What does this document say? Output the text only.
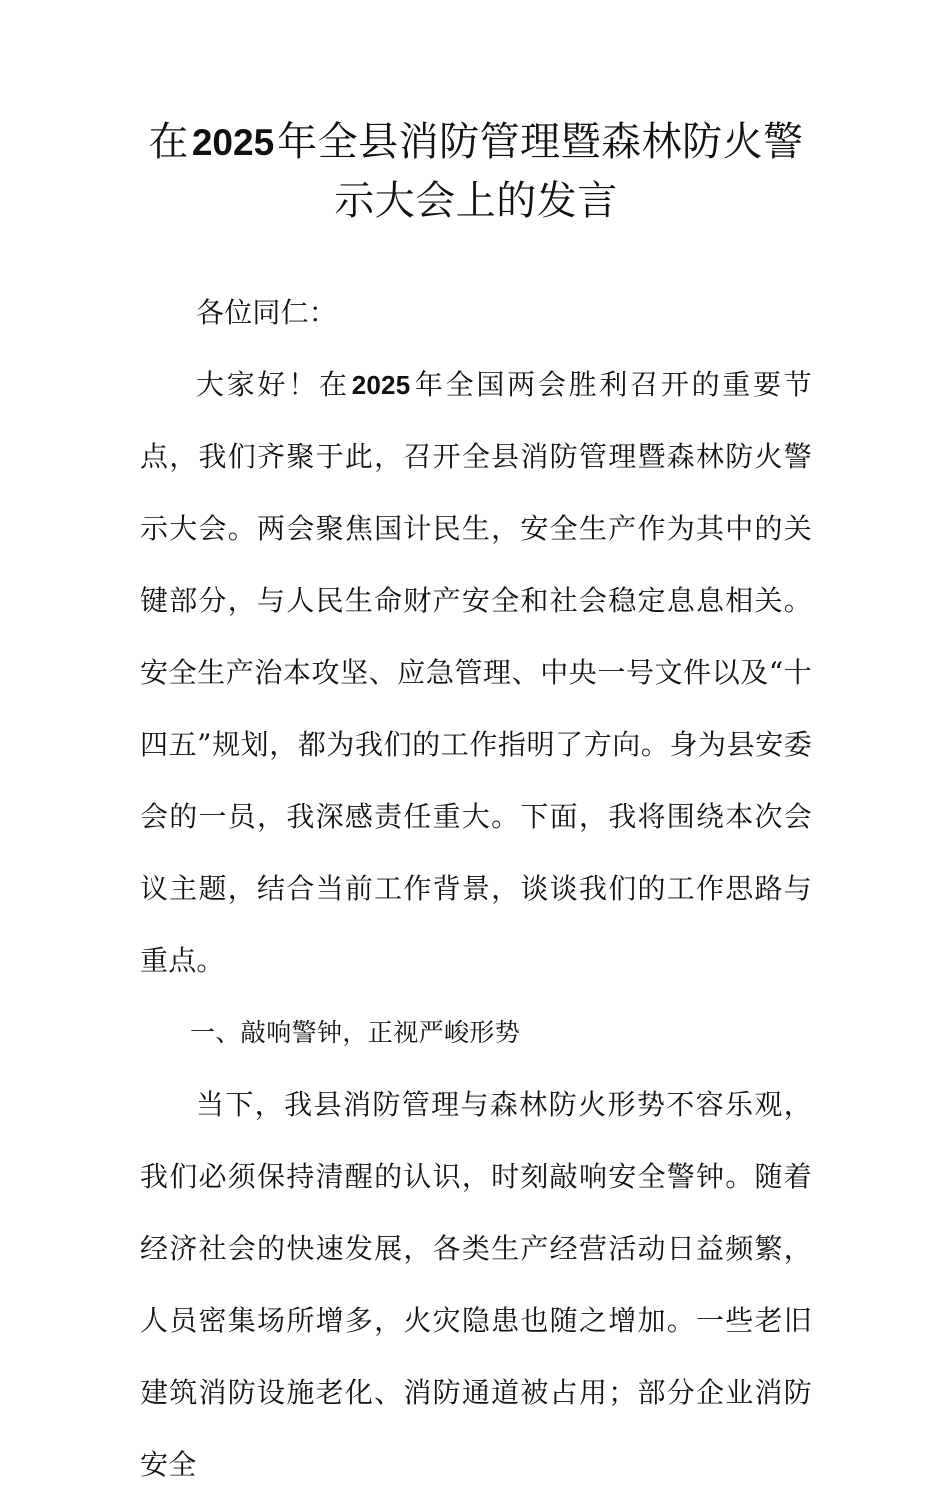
在2025年全县消防管理暨森林防火警示大会上的发言

各位同仁：

大家好！在2025年全国两会胜利召开的重要节点，我们齐聚于此，召开全县消防管理暨森林防火警示大会。两会聚焦国计民生，安全生产作为其中的关键部分，与人民生命财产安全和社会稳定息息相关。安全生产治本攻坚、应急管理、中央一号文件以及“十四五”规划，都为我们的工作指明了方向。身为县安委会的一员，我深感责任重大。下面，我将围绕本次会议主题，结合当前工作背景，谈谈我们的工作思路与重点。

一、敲响警钟，正视严峻形势

当下，我县消防管理与森林防火形势不容乐观，我们必须保持清醒的认识，时刻敲响安全警钟。随着经济社会的快速发展，各类生产经营活动日益频繁，人员密集场所增多，火灾隐患也随之增加。一些老旧建筑消防设施老化、消防通道被占用；部分企业消防安全
